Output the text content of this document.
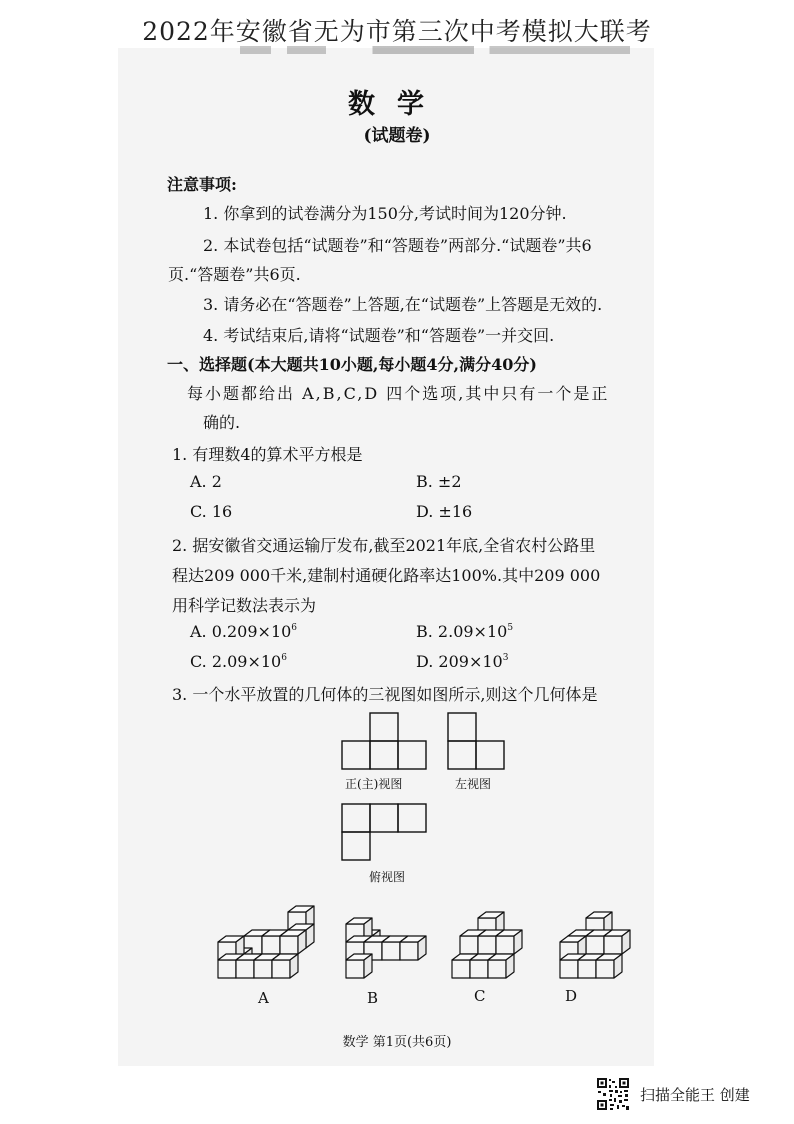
2022年安徽省无为市第三次中考模拟大联考
数学
(试题卷)
注意事项:
1. 你拿到的试卷满分为150分,考试时间为120分钟.
2. 本试卷包括“试题卷”和“答题卷”两部分.“试题卷”共6
页.“答题卷”共6页.
3. 请务必在“答题卷”上答题,在“试题卷”上答题是无效的.
4. 考试结束后,请将“试题卷”和“答题卷”一并交回.
一、选择题(本大题共10小题,每小题4分,满分40分)
每小题都给出 A,B,C,D 四个选项,其中只有一个是正
确的.
1. 有理数4的算术平方根是
A. 2	B. ±2
C. 16	D. ±16
2. 据安徽省交通运输厅发布,截至2021年底,全省农村公路里
程达209 000千米,建制村通硬化路率达100%.其中209 000
用科学记数法表示为
A. $0.209\times 10^6$	B. $2.09\times 10^5$
C. $2.09\times 10^6$	D. $209\times 10^3$
3. 一个水平放置的几何体的三视图如图所示,则这个几何体是
正(主)视图	左视图
俯视图
A	B	C	D
数学 第1页(共6页)
扫描全能王 创建
